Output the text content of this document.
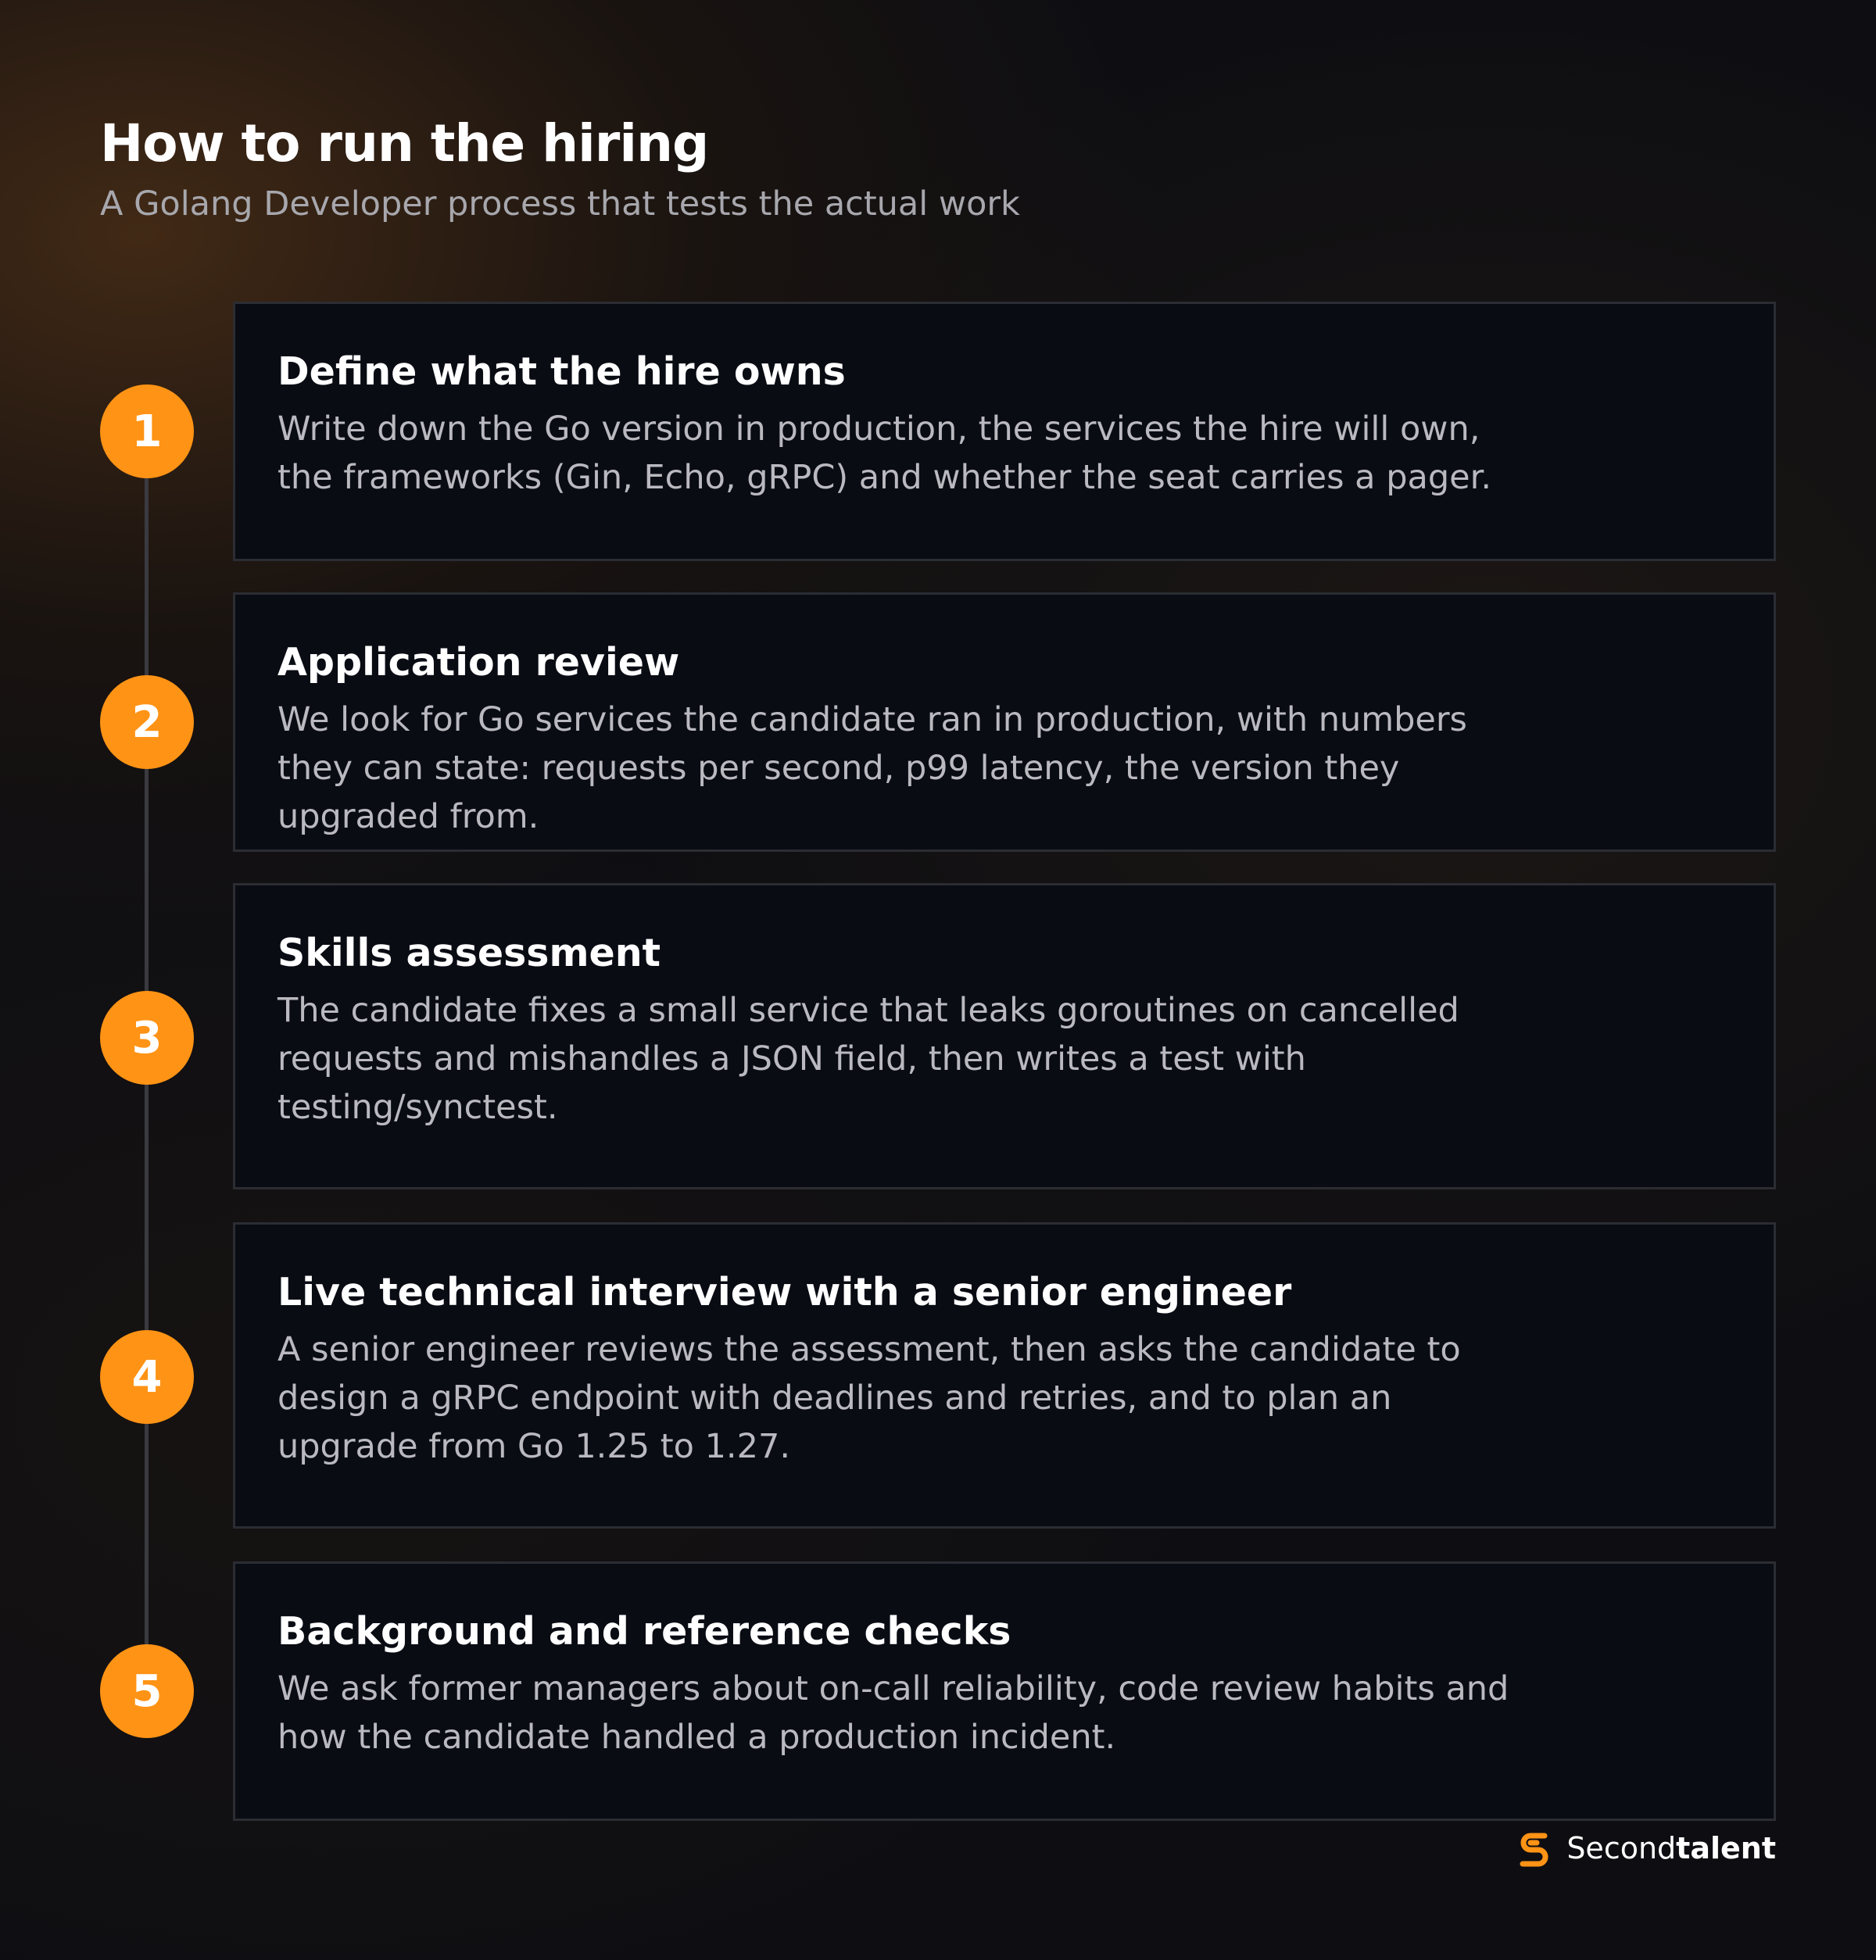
How to run the hiring

A Golang Developer process that tests the actual work

1
Define what the hire owns

Write down the Go version in production, the services the hire will own, the frameworks (Gin, Echo, gRPC) and whether the seat carries a pager.

2
Application review

We look for Go services the candidate ran in production, with numbers they can state: requests per second, p99 latency, the version they upgraded from.

3
Skills assessment

The candidate fixes a small service that leaks goroutines on cancelled requests and mishandles a JSON field, then writes a test with testing/synctest.

4
Live technical interview with a senior engineer

A senior engineer reviews the assessment, then asks the candidate to design a gRPC endpoint with deadlines and retries, and to plan an upgrade from Go 1.25 to 1.27.

5
Background and reference checks

We ask former managers about on-call reliability, code review habits and how the candidate handled a production incident.

Secondtalent
